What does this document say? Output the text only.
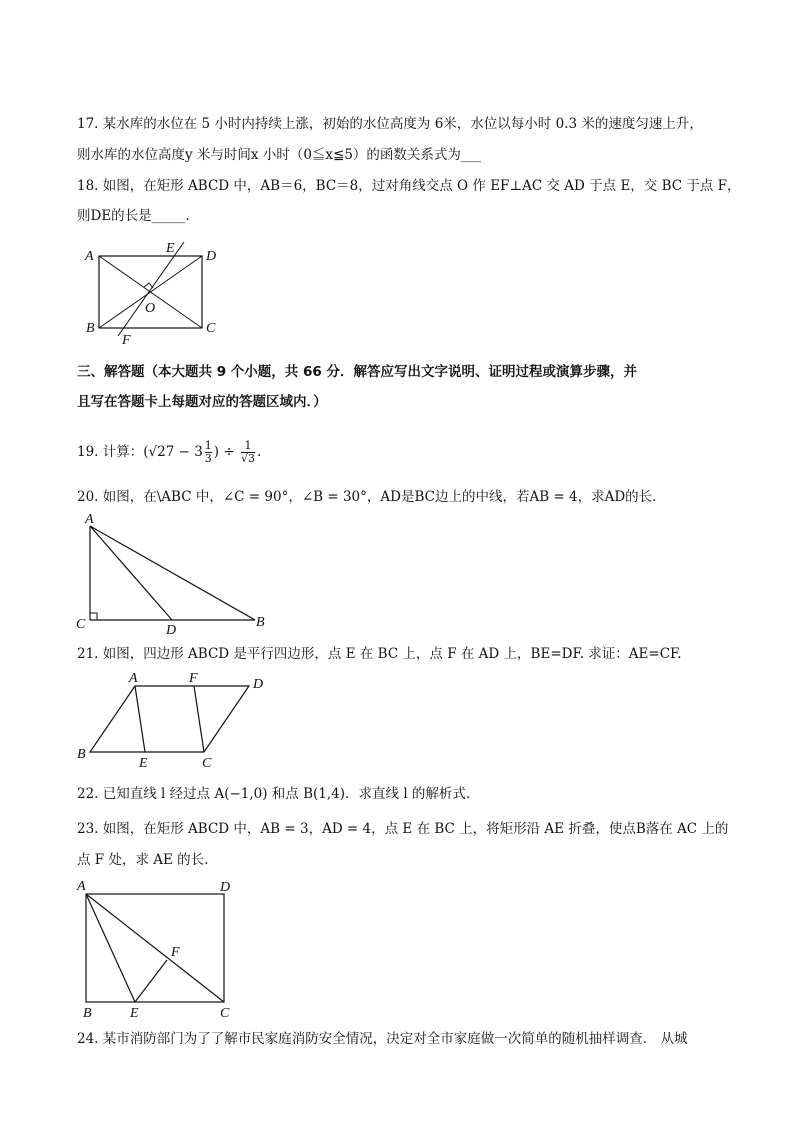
17. 某水库的水位在 5 小时内持续上涨，初始的水位高度为 6米，水位以每小时 0.3 米的速度匀速上升，
则水库的水位高度y 米与时间x 小时（0≦x≦5）的函数关系式为___
18. 如图，在矩形 ABCD 中，AB＝6，BC＝8，过对角线交点 O 作 EF⊥AC 交 AD 于点 E，交 BC 于点 F，
则DE的长是_____.
A	D
B	C
E
F
O
三、解答题（本大题共 9 个小题，共 66 分．解答应写出文字说明、证明过程或演算步骤，并
且写在答题卡上每题对应的答题区域内．）
19. 计算：($√27 - 3 \frac{1}{3}$ ) ÷ $\frac{1}{√3}$ .
20. 如图，在\ABC 中，∠C = 90°，∠B = 30°，AD是BC边上的中线，若AB = 4，求AD的长.
A
C	D
B
21. 如图，四边形 ABCD 是平行四边形，点 E 在 BC 上，点 F 在 AD 上，BE=DF. 求证：AE=CF.
A	F	D
B
E	C
22. 已知直线 l 经过点 A(−1,0) 和点 B(1,4)．求直线 l 的解析式.
23. 如图，在矩形 ABCD 中，AB = 3，AD = 4，点 E 在 BC 上，将矩形沿 AE 折叠，使点B落在 AC 上的
点 F 处，求 AE 的长.
A	D
F
B	E	C
24. 某市消防部门为了了解市民家庭消防安全情况，决定对全市家庭做一次简单的随机抽样调查． 从城
